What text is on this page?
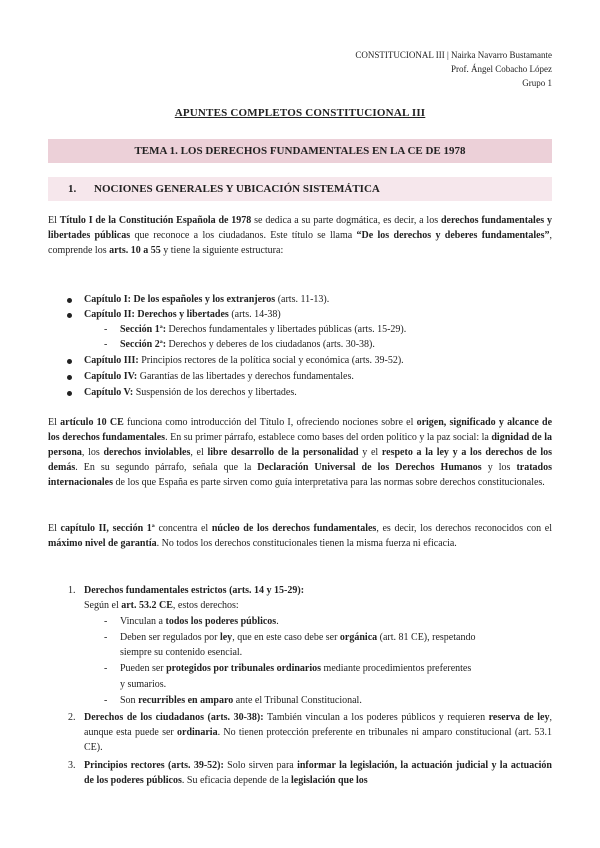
CONSTITUCIONAL III | Nairka Navarro Bustamante
Prof. Ángel Cobacho López
Grupo 1
APUNTES COMPLETOS CONSTITUCIONAL III
TEMA 1. LOS DERECHOS FUNDAMENTALES EN LA CE DE 1978
1. NOCIONES GENERALES Y UBICACIÓN SISTEMÁTICA
El Título I de la Constitución Española de 1978 se dedica a su parte dogmática, es decir, a los derechos fundamentales y libertades públicas que reconoce a los ciudadanos. Este título se llama “De los derechos y deberes fundamentales”, comprende los arts. 10 a 55 y tiene la siguiente estructura:
Capítulo I: De los españoles y los extranjeros (arts. 11-13).
Capítulo II: Derechos y libertades (arts. 14-38)
- Sección 1ª: Derechos fundamentales y libertades públicas (arts. 15-29).
- Sección 2ª: Derechos y deberes de los ciudadanos (arts. 30-38).
Capítulo III: Principios rectores de la política social y económica (arts. 39-52).
Capítulo IV: Garantías de las libertades y derechos fundamentales.
Capítulo V: Suspensión de los derechos y libertades.
El artículo 10 CE funciona como introducción del Título I, ofreciendo nociones sobre el origen, significado y alcance de los derechos fundamentales. En su primer párrafo, establece como bases del orden político y la paz social: la dignidad de la persona, los derechos inviolables, el libre desarrollo de la personalidad y el respeto a la ley y a los derechos de los demás. En su segundo párrafo, señala que la Declaración Universal de los Derechos Humanos y los tratados internacionales de los que España es parte sirven como guía interpretativa para las normas sobre derechos constitucionales.
El capítulo II, sección 1ª concentra el núcleo de los derechos fundamentales, es decir, los derechos reconocidos con el máximo nivel de garantía. No todos los derechos constitucionales tienen la misma fuerza ni eficacia.
1. Derechos fundamentales estrictos (arts. 14 y 15-29):
Según el art. 53.2 CE, estos derechos:
- Vinculan a todos los poderes públicos.
- Deben ser regulados por ley, que en este caso debe ser orgánica (art. 81 CE), respetando
siempre su contenido esencial.
- Pueden ser protegidos por tribunales ordinarios mediante procedimientos preferentes
y sumarios.
- Son recurribles en amparo ante el Tribunal Constitucional.
2. Derechos de los ciudadanos (arts. 30-38): También vinculan a los poderes públicos y requieren reserva de ley, aunque esta puede ser ordinaria. No tienen protección preferente en tribunales ni amparo constitucional (art. 53.1 CE).
3. Principios rectores (arts. 39-52): Solo sirven para informar la legislación, la actuación judicial y la actuación de los poderes públicos. Su eficacia depende de la legislación que los
